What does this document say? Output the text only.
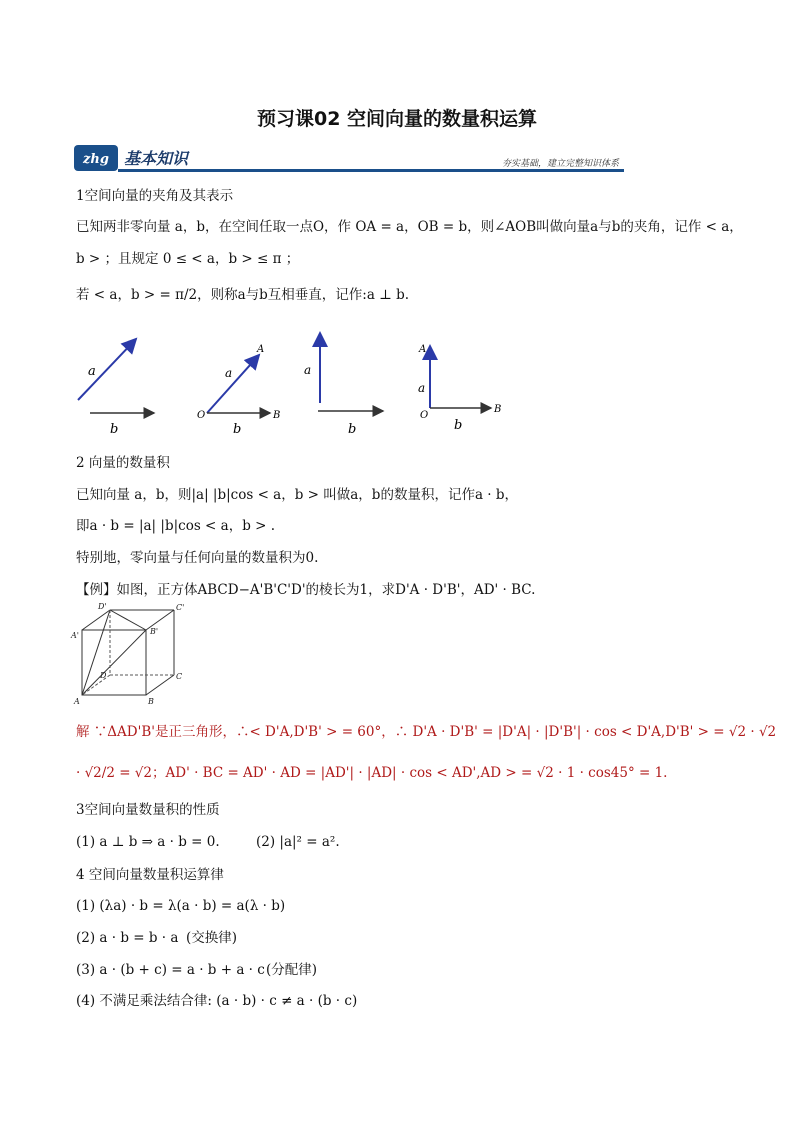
预习课02 空间向量的数量积运算
zhg 基本知识	夯实基础，建立完整知识体系
1空间向量的夹角及其表示
已知两非零向量 a，b，在空间任取一点O，作 OA = a，OB = b，则∠AOB叫做向量a与b的夹角，记作 < a，
b > ；且规定 0 ≤ < a，b > ≤ π ；
若 < a，b > = π/2，则称a与b互相垂直，记作:a ⊥ b.
a
b
a
b
A
B
O
a
b
a
b
A
B
O
2 向量的数量积
已知向量 a，b，则|a| |b|cos < a，b > 叫做a，b的数量积，记作a · b，
即a · b = |a| |b|cos < a，b > .
特别地，零向量与任何向量的数量积为0.
【例】如图，正方体ABCD−A'B'C'D'的棱长为1，求D'A · D'B'，AD' · BC.
D'	C'
A'	B'
D	C
A	B
解 ∵ΔAD'B'是正三角形，∴< D'A,D'B' > = 60°，∴ D'A · D'B' = |D'A| · |D'B'| · cos < D'A,D'B' > = √2 · √2
· √2/2 = √2；AD' · BC = AD' · AD = |AD'| · |AD| · cos < AD',AD > = √2 · 1 · cos45° = 1.
3空间向量数量积的性质
(1) a ⊥ b ⇒ a · b = 0.	(2) |a|² = a².
4 空间向量数量积运算律
(1) (λa) · b = λ(a · b) = a(λ · b)
(2) a · b = b · a (交换律)
(3) a · (b + c) = a · b + a · c (分配律)
(4) 不满足乘法结合律: (a · b) · c ≠ a · (b · c)
